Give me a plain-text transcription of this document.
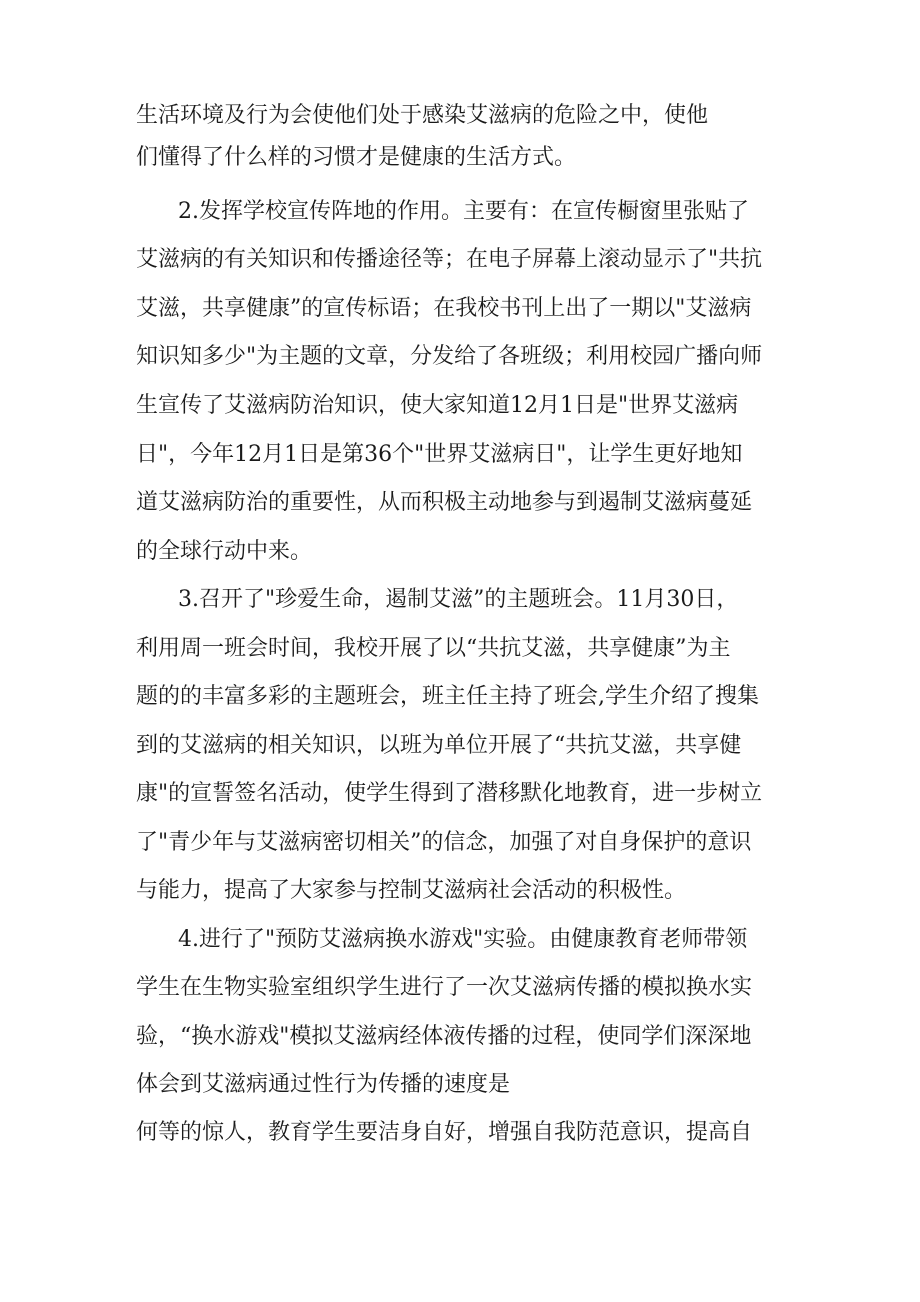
生活环境及行为会使他们处于感染艾滋病的危险之中，使他
们懂得了什么样的习惯才是健康的生活方式。
2.发挥学校宣传阵地的作用。主要有：在宣传橱窗里张贴了
艾滋病的有关知识和传播途径等；在电子屏幕上滚动显示了"共抗
艾滋，共享健康”的宣传标语；在我校书刊上出了一期以"艾滋病
知识知多少"为主题的文章，分发给了各班级；利用校园广播向师
生宣传了艾滋病防治知识，使大家知道12月1日是"世界艾滋病
日"，今年12月1日是第36个"世界艾滋病日"，让学生更好地知
道艾滋病防治的重要性，从而积极主动地参与到遏制艾滋病蔓延
的全球行动中来。
3.召开了"珍爱生命，遏制艾滋”的主题班会。11月30日，
利用周一班会时间，我校开展了以“共抗艾滋，共享健康”为主
题的的丰富多彩的主题班会，班主任主持了班会,学生介绍了搜集
到的艾滋病的相关知识，以班为单位开展了“共抗艾滋，共享健
康"的宣誓签名活动，使学生得到了潜移默化地教育，进一步树立
了"青少年与艾滋病密切相关”的信念，加强了对自身保护的意识
与能力，提高了大家参与控制艾滋病社会活动的积极性。
4.进行了"预防艾滋病换水游戏"实验。由健康教育老师带领
学生在生物实验室组织学生进行了一次艾滋病传播的模拟换水实
验，“换水游戏"模拟艾滋病经体液传播的过程，使同学们深深地
体会到艾滋病通过性行为传播的速度是
何等的惊人，教育学生要洁身自好，增强自我防范意识，提高自
